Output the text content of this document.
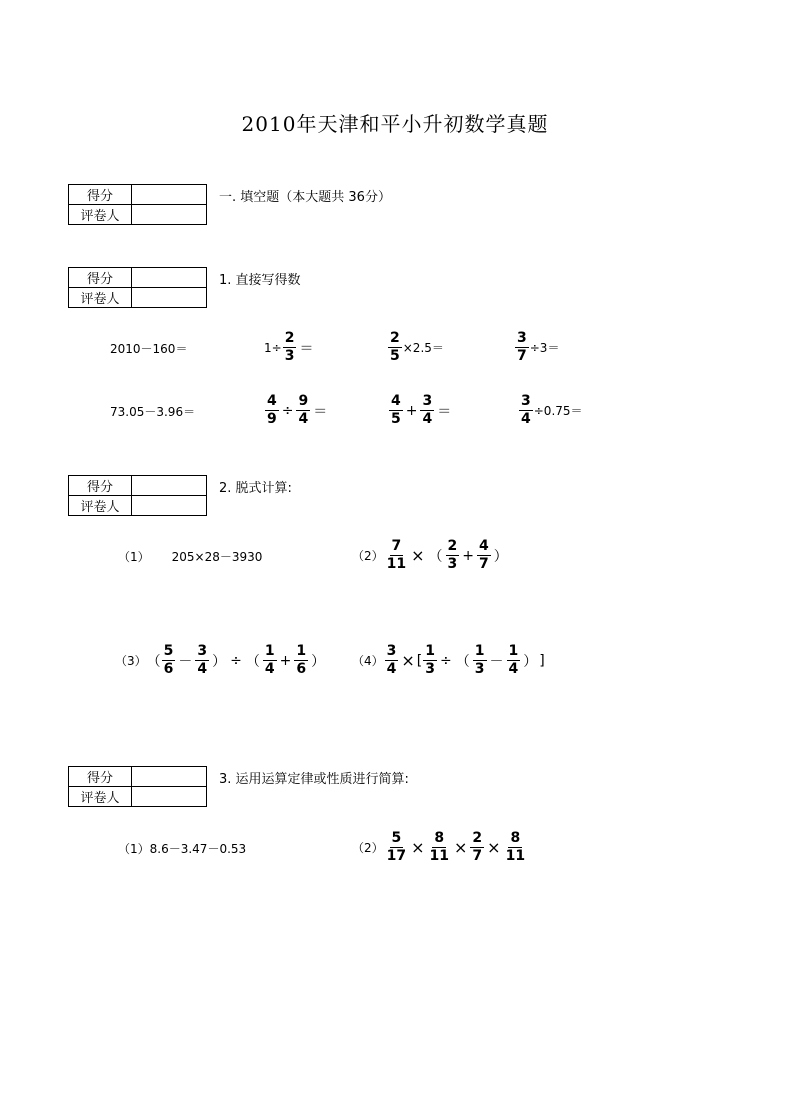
2010年天津和平小升初数学真题
得分	
评卷人	
一. 填空题（本大题共 36分）
得分	
评卷人	
1. 直接写得数
2010－160＝	$1\div \frac{2}{3}$ ＝	$\frac{2}{5} \times 2.5=$	$\frac{3}{7} \div 3=$
73.05－3.96＝	$\frac{4}{9} \div \frac{9}{4}$ ＝	$\frac{4}{5} + \frac{3}{4}$ ＝	$\frac{3}{4} \div 0.75=$
得分	
评卷人	
2. 脱式计算:
（1） 205×28－3930	$(2) \frac{7}{11}$ × （ $\frac{2}{3} + \frac{4}{7}$ ）
（3） （ $\frac{5}{6} - \frac{3}{4}$ ） ÷ （ $\frac{1}{4} + \frac{1}{6}$ ） $(4) \frac{3}{4}$ × [ $\frac{1}{3}$ ÷ （ $\frac{1}{3} - \frac{1}{4}$ ） ]
得分	
评卷人	
3. 运用运算定律或性质进行简算:
（1） 8.6－3.47－0.53	$(2) \frac{5}{17} \times \frac{8}{11} \times \frac{2}{7} \times \frac{8}{11}$
